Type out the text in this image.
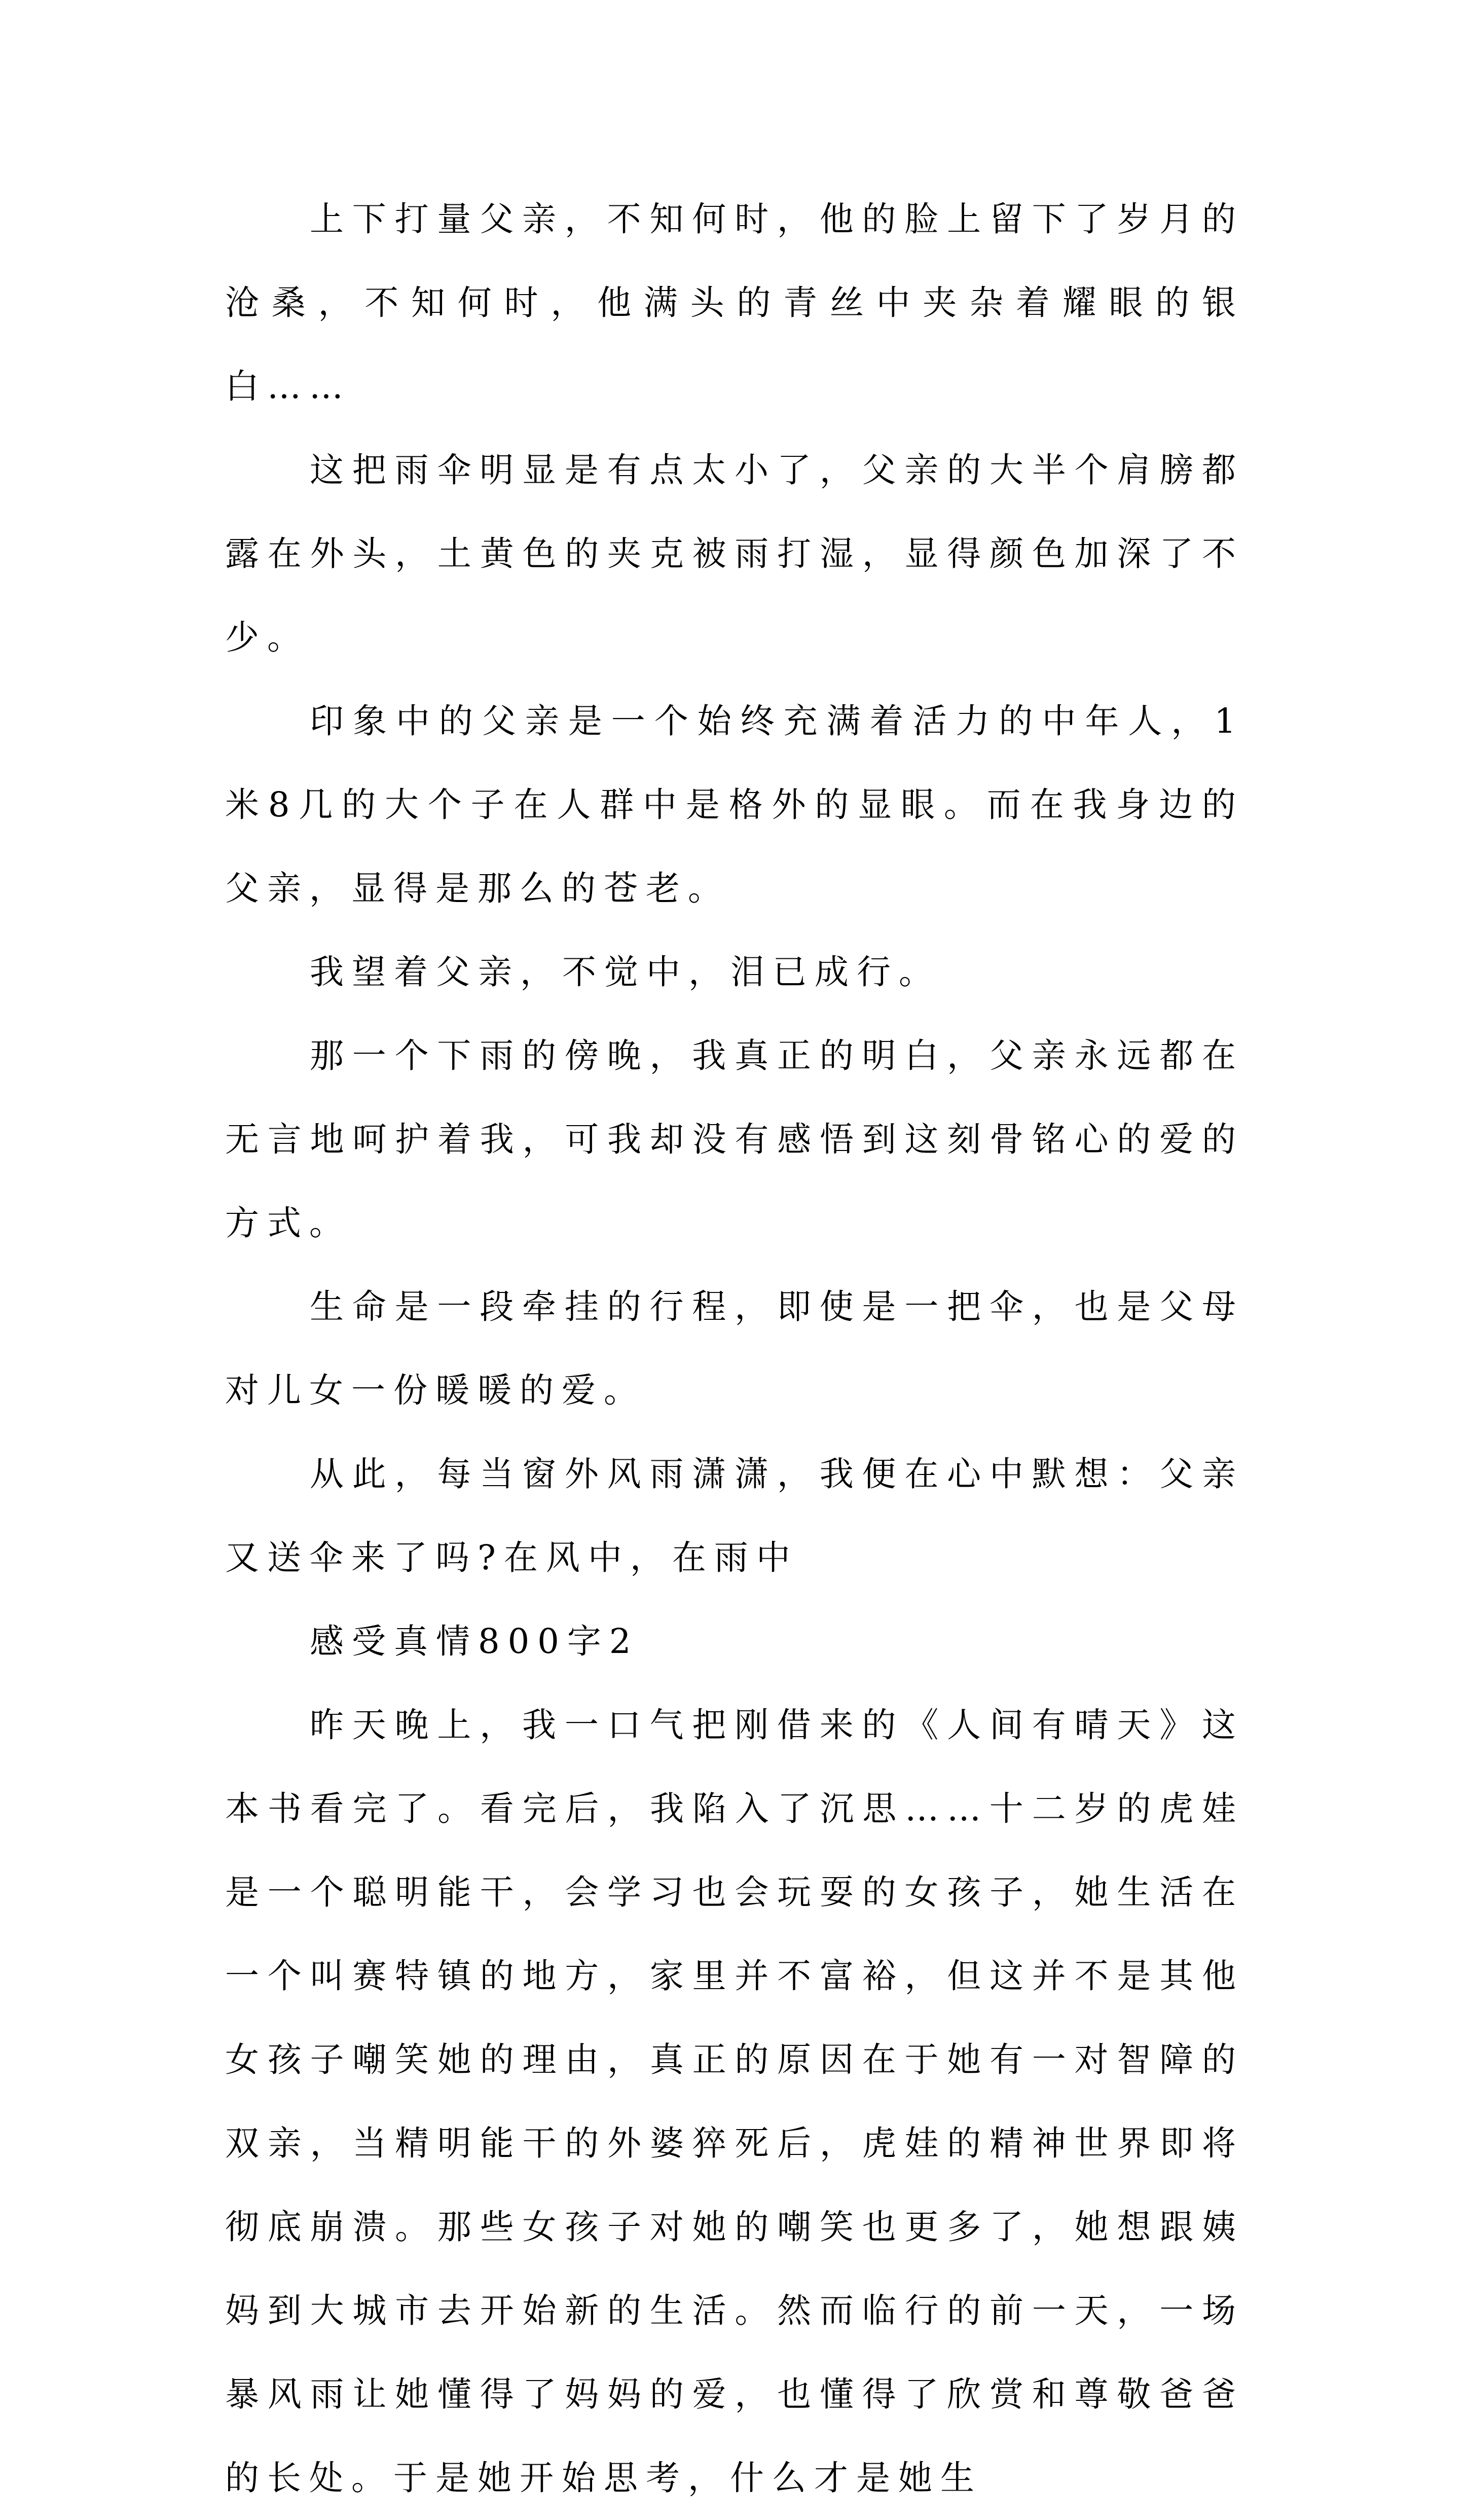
上下打量父亲，不知何时，他的脸上留下了岁月的沧桑，不知何时，他满头的青丝中夹杂着耀眼的银白……

这把雨伞明显是有点太小了，父亲的大半个肩膀都露在外头，土黄色的夹克被雨打湿，显得颜色加深了不少。

印象中的父亲是一个始终充满着活力的中年人，1米8几的大个子在人群中是格外的显眼。而在我身边的父亲，显得是那么的苍老。

我望着父亲，不觉中，泪已成行。

那一个下雨的傍晚，我真正的明白，父亲永远都在无言地呵护着我，可我却没有感悟到这刻骨铭心的爱的方式。

生命是一段牵挂的行程，即使是一把伞，也是父母对儿女一份暖暖的爱。

从此，每当窗外风雨潇潇，我便在心中默想：父亲又送伞来了吗?在风中，在雨中

感受真情800字2

昨天晚上，我一口气把刚借来的《人间有晴天》这本书看完了。看完后，我陷入了沉思……十二岁的虎娃是一个聪明能干，会学习也会玩耍的女孩子，她生活在一个叫赛特镇的地方，家里并不富裕，但这并不是其他女孩子嘲笑她的理由，真正的原因在于她有一对智障的双亲，当精明能干的外婆猝死后，虎娃的精神世界即将彻底崩溃。那些女孩子对她的嘲笑也更多了，她想跟姨妈到大城市去开始新的生活。然而临行的前一天，一场暴风雨让她懂得了妈妈的爱，也懂得了欣赏和尊敬爸爸的长处。于是她开始思考，什么才是她生
